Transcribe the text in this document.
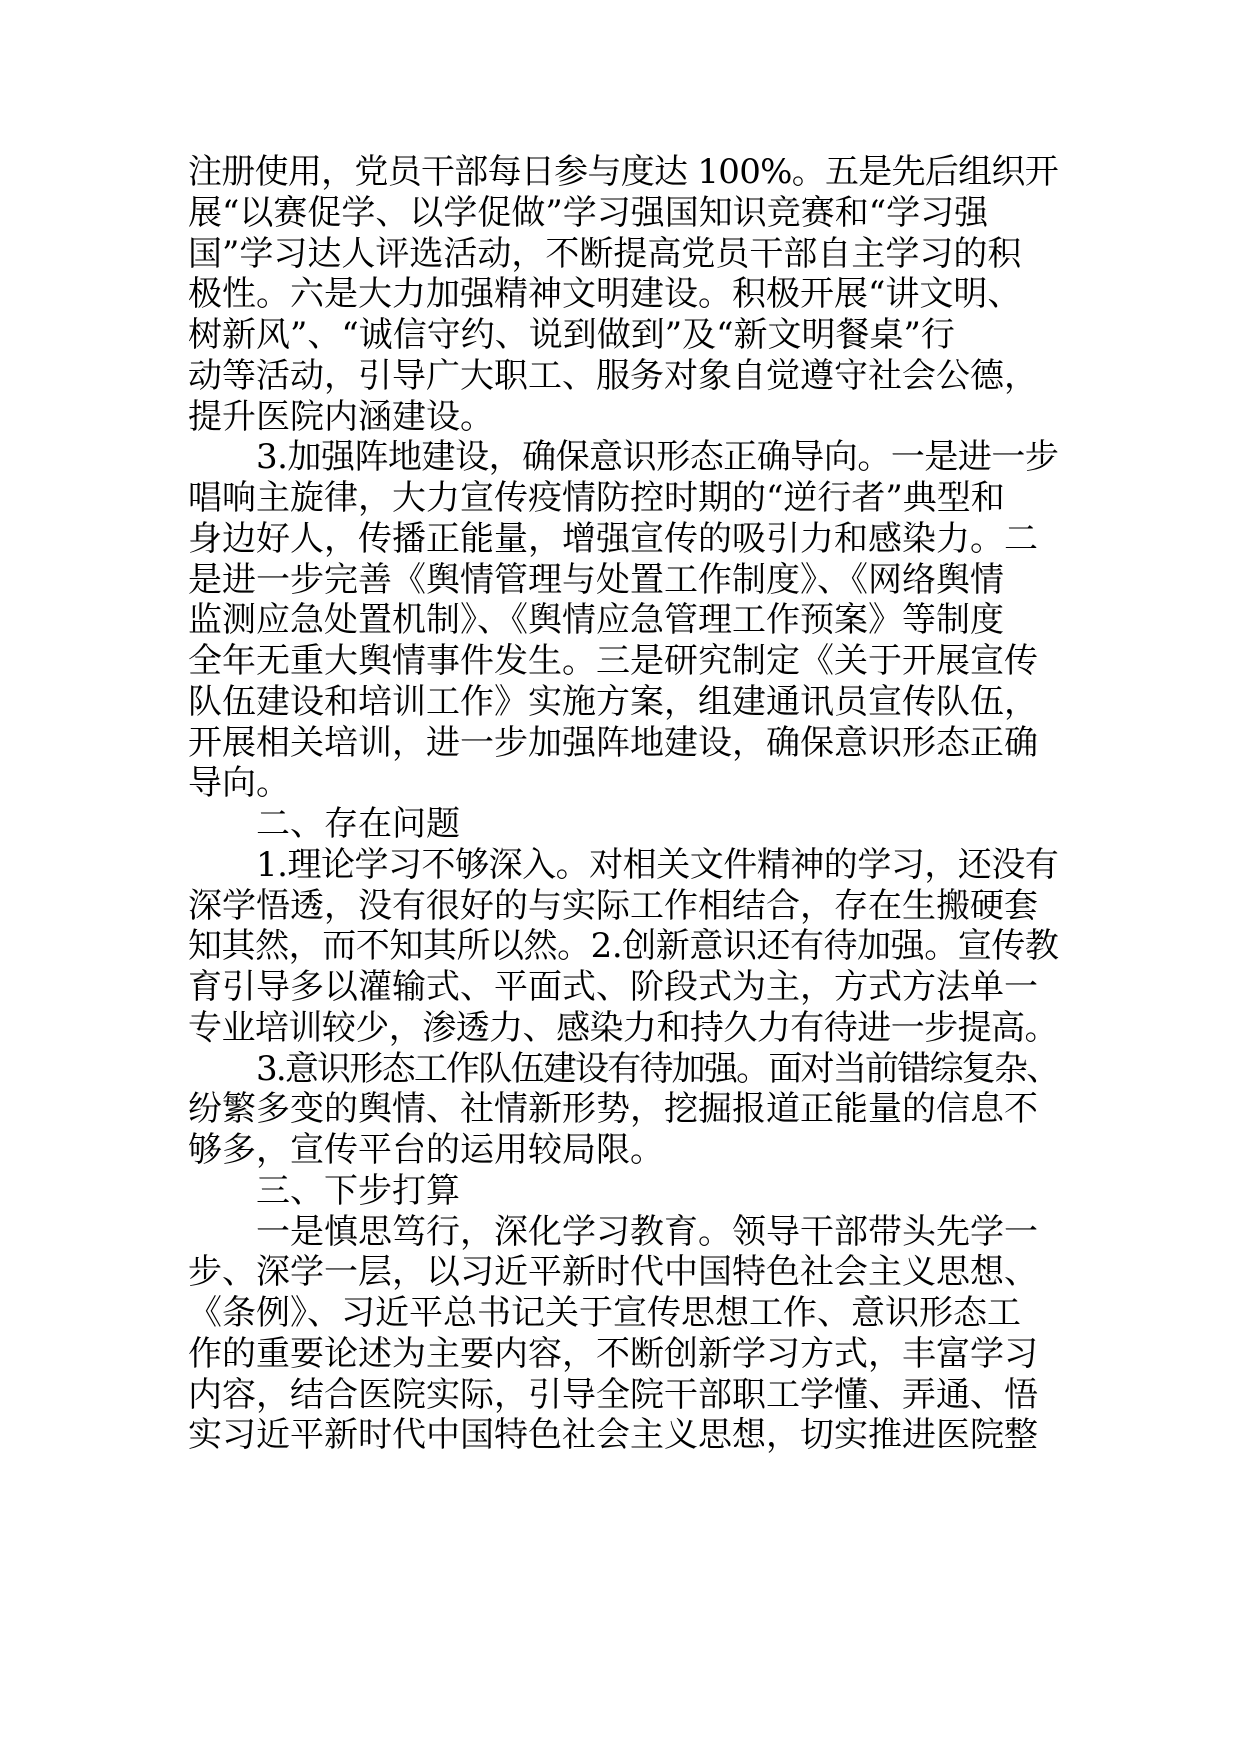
注册使用，党员干部每日参与度达 100%。五是先后组织开
展“以赛促学、以学促做”学习强国知识竞赛和“学习强
国”学习达人评选活动，不断提高党员干部自主学习的积
极性。六是大力加强精神文明建设。积极开展“讲文明、
树新风”、“诚信守约、说到做到”及“新文明餐桌”行
动等活动，引导广大职工、服务对象自觉遵守社会公德，
提升医院内涵建设。
3.加强阵地建设，确保意识形态正确导向。一是进一步
唱响主旋律，大力宣传疫情防控时期的“逆行者”典型和
身边好人，传播正能量，增强宣传的吸引力和感染力。二
是进一步完善《舆情管理与处置工作制度》、《网络舆情
监测应急处置机制》、《舆情应急管理工作预案》等制度
全年无重大舆情事件发生。三是研究制定《关于开展宣传
队伍建设和培训工作》实施方案，组建通讯员宣传队伍，
开展相关培训，进一步加强阵地建设，确保意识形态正确
导向。
二、存在问题
1.理论学习不够深入。对相关文件精神的学习，还没有
深学悟透，没有很好的与实际工作相结合，存在生搬硬套
知其然，而不知其所以然。2.创新意识还有待加强。宣传教
育引导多以灌输式、平面式、阶段式为主，方式方法单一
专业培训较少，渗透力、感染力和持久力有待进一步提高。
3.意识形态工作队伍建设有待加强。面对当前错综复杂、
纷繁多变的舆情、社情新形势，挖掘报道正能量的信息不
够多，宣传平台的运用较局限。
三、下步打算
一是慎思笃行，深化学习教育。领导干部带头先学一
步、深学一层，以习近平新时代中国特色社会主义思想、
《条例》、习近平总书记关于宣传思想工作、意识形态工
作的重要论述为主要内容，不断创新学习方式，丰富学习
内容，结合医院实际，引导全院干部职工学懂、弄通、悟
实习近平新时代中国特色社会主义思想，切实推进医院整
